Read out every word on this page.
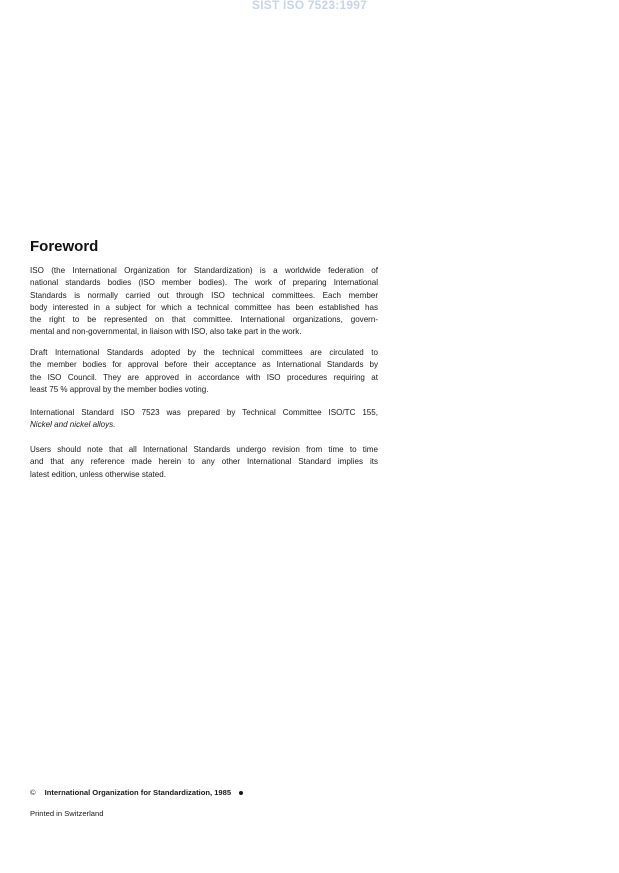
SIST ISO 7523:1997
Foreword
ISO (the International Organization for Standardization) is a worldwide federation of
national standards bodies (ISO member bodies). The work of preparing International
Standards is normally carried out through ISO technical committees. Each member
body interested in a subject for which a technical committee has been established has
the right to be represented on that committee. International organizations, govern-
mental and non-governmental, in liaison with ISO, also take part in the work.
Draft International Standards adopted by the technical committees are circulated to
the member bodies for approval before their acceptance as International Standards by
the ISO Council. They are approved in accordance with ISO procedures requiring at
least 75 % approval by the member bodies voting.
International Standard ISO 7523 was prepared by Technical Committee ISO/TC 155,
Nickel and nickel alloys.
Users should note that all International Standards undergo revision from time to time
and that any reference made herein to any other International Standard implies its
latest edition, unless otherwise stated.
© International Organization for Standardization, 1985
Printed in Switzerland
